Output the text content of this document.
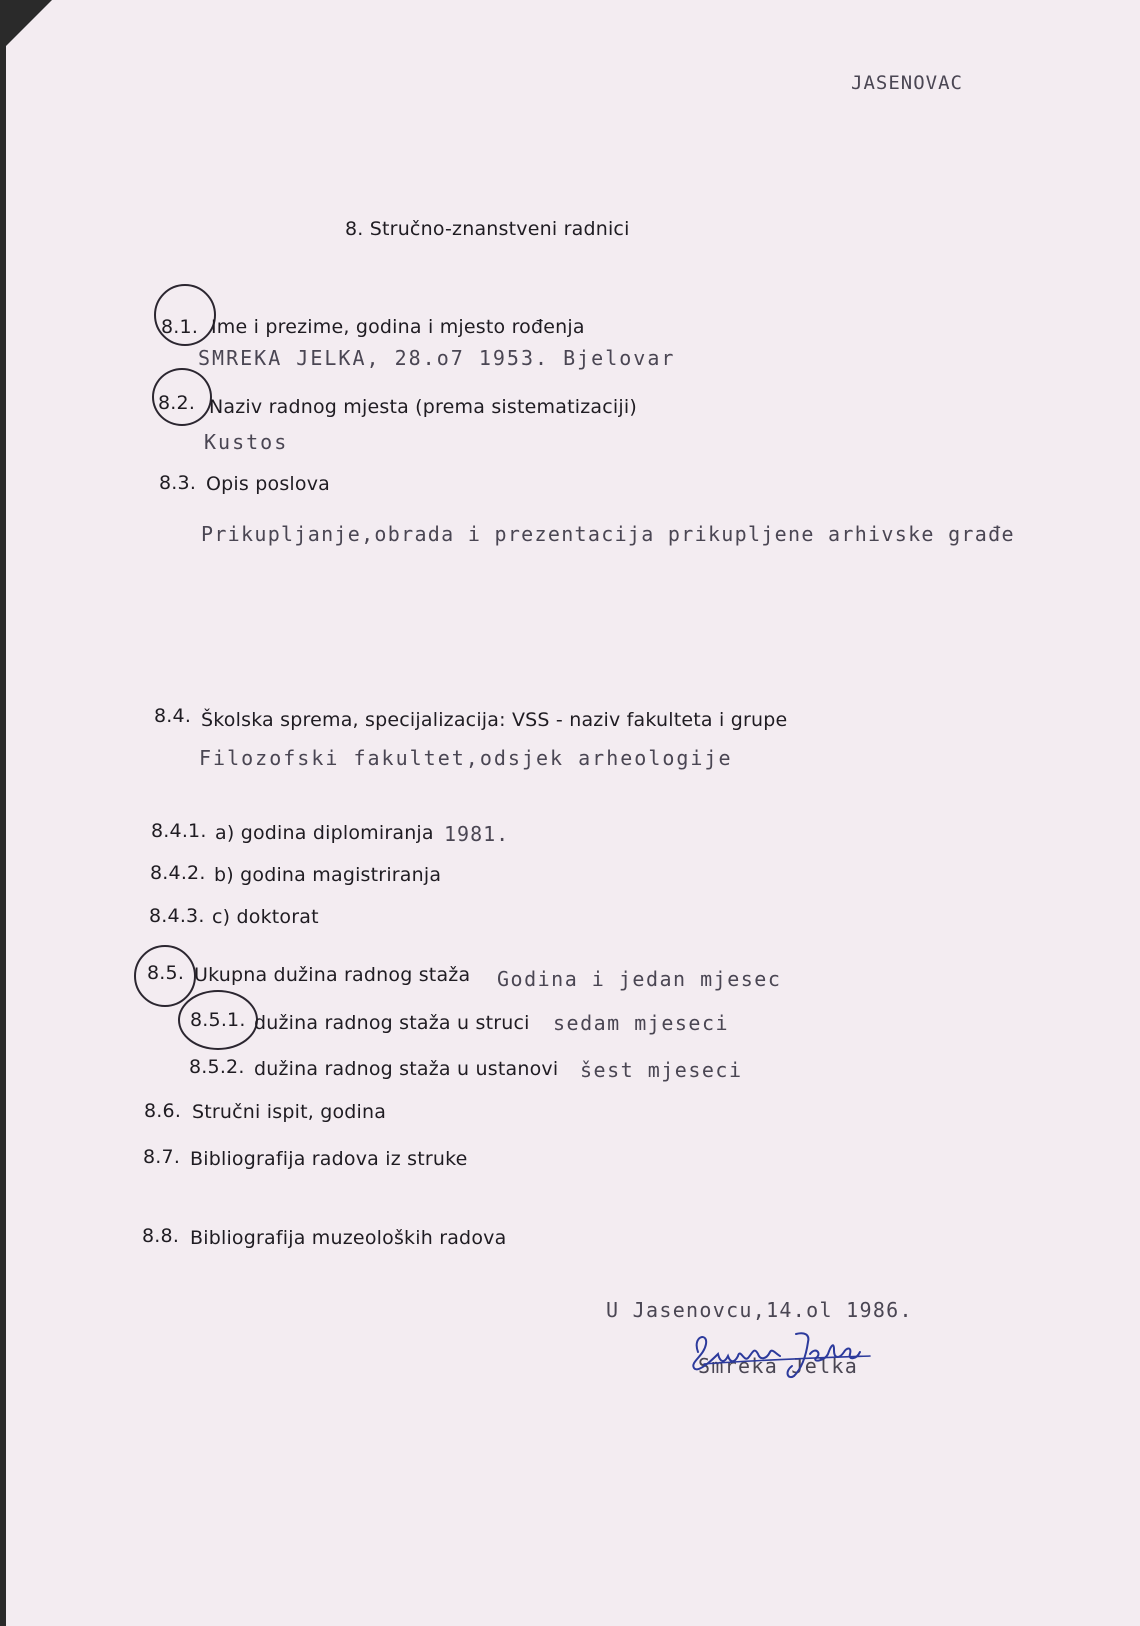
JASENOVAC
8. Stručno-znanstveni radnici
8.1. Ime i prezime, godina i mjesto rođenja
SMREKA JELKA, 28.o7 1953. Bjelovar
8.2. Naziv radnog mjesta (prema sistematizaciji)
Kustos
8.3. Opis poslova
Prikupljanje,obrada i prezentacija prikupljene arhivske građe
8.4. Školska sprema, specijalizacija: VSS - naziv fakulteta i grupe
Filozofski fakultet,odsjek arheologije
8.4.1. a) godina diplomiranja 1981.
8.4.2. b) godina magistriranja
8.4.3. c) doktorat
8.5. Ukupna dužina radnog staža Godina i jedan mjesec
8.5.1. dužina radnog staža u struci sedam mjeseci
8.5.2. dužina radnog staža u ustanovi šest mjeseci
8.6. Stručni ispit, godina
8.7. Bibliografija radova iz struke
8.8. Bibliografija muzeoloških radova
U Jasenovcu,14.ol 1986.
Smreka Jelka
